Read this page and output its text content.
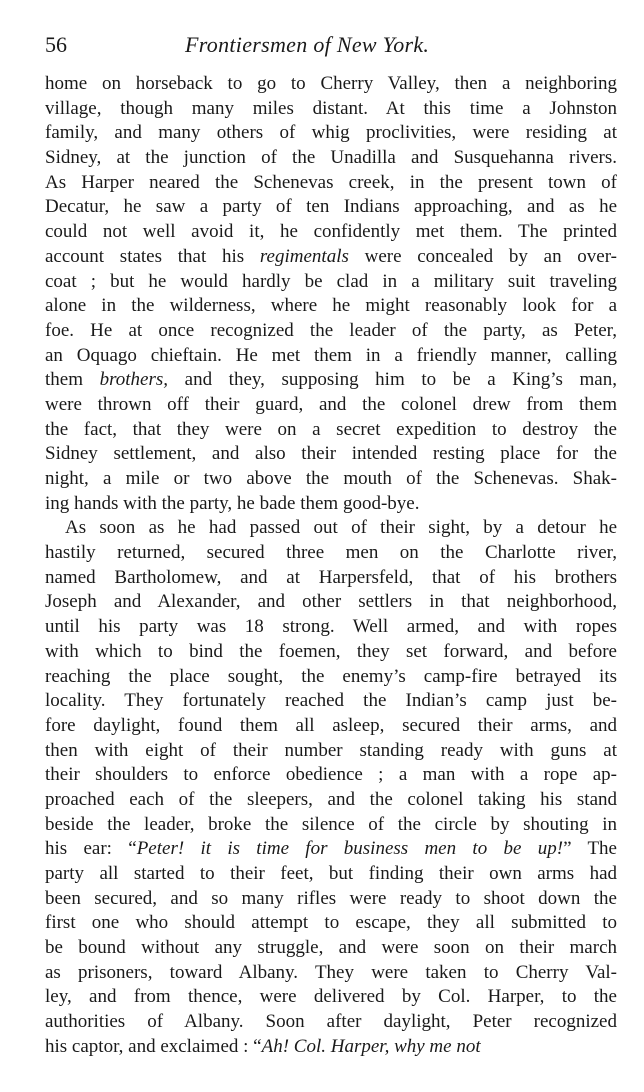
56	Frontiersmen of New York.
home on horseback to go to Cherry Valley, then a neighboring
village, though many miles distant. At this time a Johnston
family, and many others of whig proclivities, were residing at
Sidney, at the junction of the Unadilla and Susquehanna rivers.
As Harper neared the Schenevas creek, in the present town of
Decatur, he saw a party of ten Indians approaching, and as he
could not well avoid it, he confidently met them. The printed
account states that his regimentals were concealed by an over-
coat ; but he would hardly be clad in a military suit traveling
alone in the wilderness, where he might reasonably look for a
foe. He at once recognized the leader of the party, as Peter,
an Oquago chieftain. He met them in a friendly manner, calling
them brothers, and they, supposing him to be a King’s man,
were thrown off their guard, and the colonel drew from them
the fact, that they were on a secret expedition to destroy the
Sidney settlement, and also their intended resting place for the
night, a mile or two above the mouth of the Schenevas. Shak-
ing hands with the party, he bade them good-bye.
As soon as he had passed out of their sight, by a detour he
hastily returned, secured three men on the Charlotte river,
named Bartholomew, and at Harpersfeld, that of his brothers
Joseph and Alexander, and other settlers in that neighborhood,
until his party was 18 strong. Well armed, and with ropes
with which to bind the foemen, they set forward, and before
reaching the place sought, the enemy’s camp-fire betrayed its
locality. They fortunately reached the Indian’s camp just be-
fore daylight, found them all asleep, secured their arms, and
then with eight of their number standing ready with guns at
their shoulders to enforce obedience ; a man with a rope ap-
proached each of the sleepers, and the colonel taking his stand
beside the leader, broke the silence of the circle by shouting in
his ear: “Peter! it is time for business men to be up!” The
party all started to their feet, but finding their own arms had
been secured, and so many rifles were ready to shoot down the
first one who should attempt to escape, they all submitted to
be bound without any struggle, and were soon on their march
as prisoners, toward Albany. They were taken to Cherry Val-
ley, and from thence, were delivered by Col. Harper, to the
authorities of Albany. Soon after daylight, Peter recognized
his captor, and exclaimed : “Ah! Col. Harper, why me not
